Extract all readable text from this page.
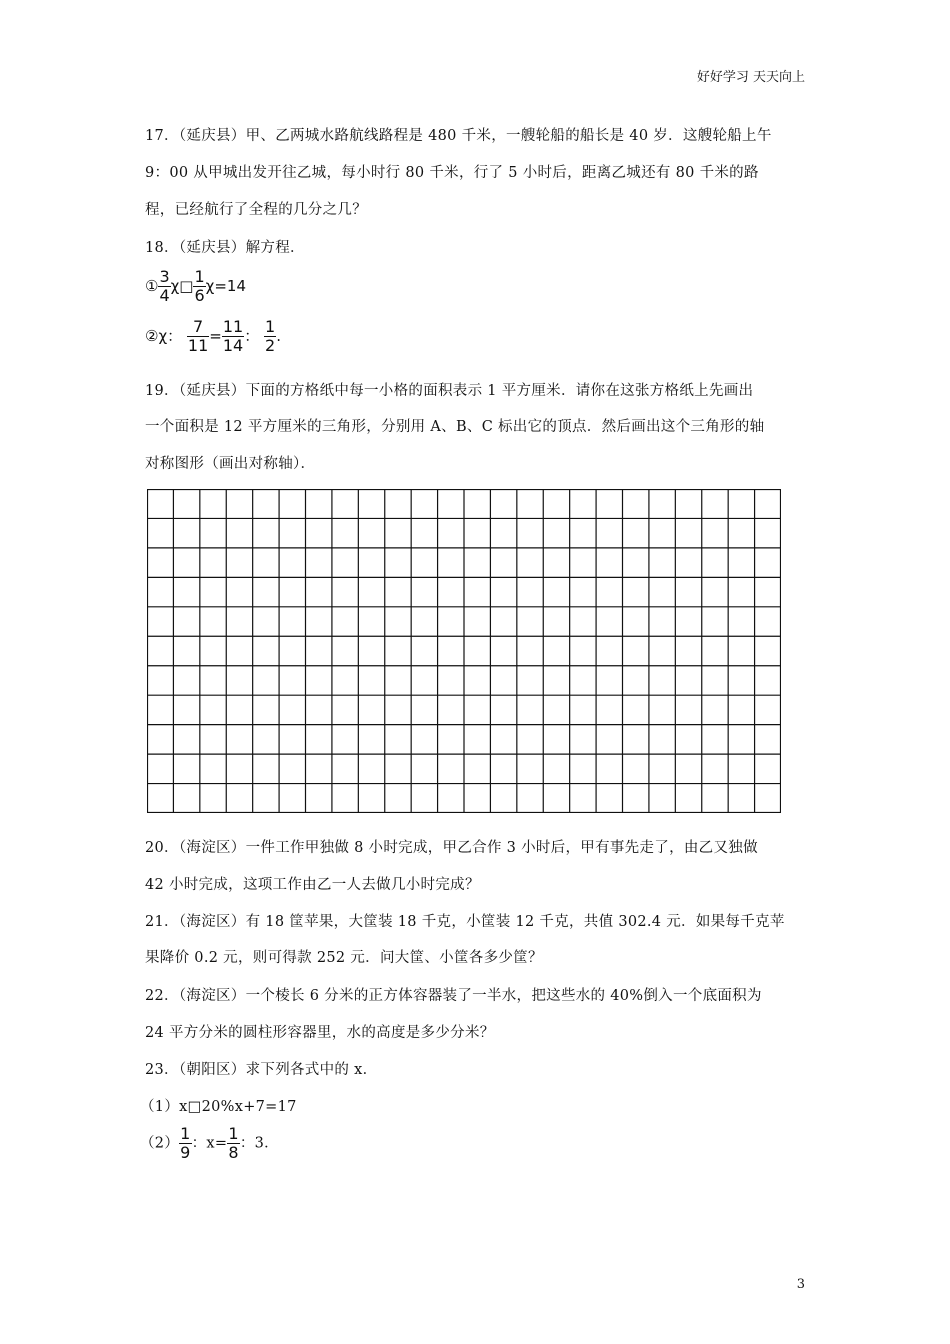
好好学习 天天向上
17．（延庆县）甲、乙两城水路航线路程是 480 千米，一艘轮船的船长是 40 岁．这艘轮船上午
9：00 从甲城出发开往乙城，每小时行 80 千米，行了 5 小时后，距离乙城还有 80 千米的路
程，已经航行了全程的几分之几？
18．（延庆县）解方程．
① $\frac{3}{4}$ χ□ $\frac{1}{6} \chi=14$
②χ： $\frac{7}{11} = \frac{11}{14}$ ： $\frac{1}{2}$ .
19．（延庆县）下面的方格纸中每一小格的面积表示 1 平方厘米．请你在这张方格纸上先画出
一个面积是 12 平方厘米的三角形，分别用 A、B、C 标出它的顶点．然后画出这个三角形的轴
对称图形（画出对称轴）．
20．（海淀区）一件工作甲独做 8 小时完成，甲乙合作 3 小时后，甲有事先走了，由乙又独做
42 小时完成，这项工作由乙一人去做几小时完成？
21．（海淀区）有 18 筐苹果，大筐装 18 千克，小筐装 12 千克，共值 302.4 元．如果每千克苹
果降价 0.2 元，则可得款 252 元．问大筐、小筐各多少筐？
22．（海淀区）一个棱长 6 分米的正方体容器装了一半水，把这些水的 40%倒入一个底面积为
24 平方分米的圆柱形容器里，水的高度是多少分米？
23．（朝阳区）求下列各式中的 x．
（1）x□20%x+7=17
$(2) \frac{1}{9}$ ：$x= \frac{1}{8}$ ：3．
3
